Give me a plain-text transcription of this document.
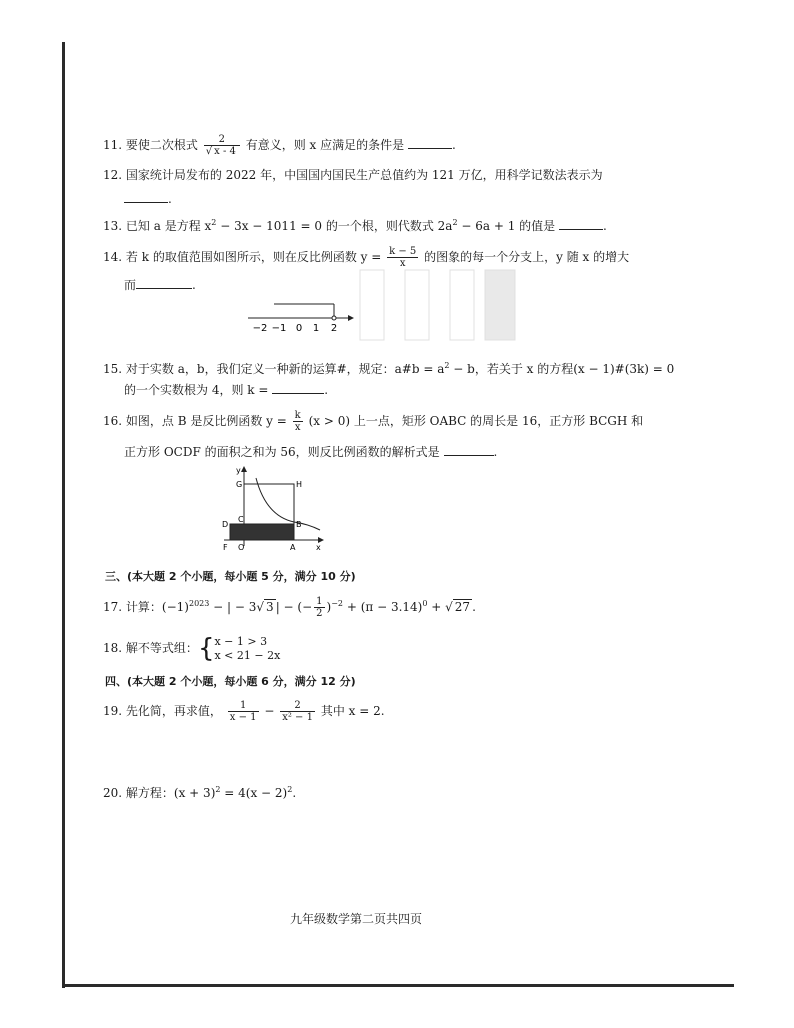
11. 要使二次根式 $\frac{2}{√ x - 4}$ 有意义，则 x 应满足的条件是	.
12. 国家统计局发布的 2022 年，中国国内国民生产总值约为 121 万亿，用科学记数法表示为
.
13. 已知 a 是方程 $x^2 - 3x - 1011 = 0$ 的一个根，则代数式 $2a^2 - 6a + 1$ 的值是	.
14. 若 k 的取值范围如图所示，则在反比例函数 $y = \frac{k - 5}{x}$ 的图象的每一个分支上，y 随 x 的增大
而	.
−2 −1 0 1 2
15. 对于实数 a，b，我们定义一种新的运算#，规定：a#b = $a^2 - b$，若关于 x 的方程(x − 1)#(3k) = 0
的一个实数根为 4，则 k =	.
16. 如图，点 B 是反比例函数 $y = \frac{k}{x} (x > 0)$ 上一点，矩形 OABC 的周长是 16，正方形 BCGH 和
正方形 OCDF 的面积之和为 56，则反比例函数的解析式是	.
y
x
G	H
D
C
B
F O	A
三、(本大题 2 个小题，每小题 5 分，满分 10 分)
17. 计算：$(-1)^{2023}$ − | − 3√ 3 | − (− $\frac{1}{2} )^{-2} + (\pi - 3.14)^0$ + √ 27 .
18. 解不等式组：{ x − 1 > 3
x < 21 − 2x
四、(本大题 2 个小题，每小题 6 分，满分 12 分)
19. 先化简，再求值， $\frac{1}{x - 1} - \frac{2}{\text{x² − 1}}$ 其中 x = 2.
20. 解方程：$(x + 3)^2 = 4(x - 2)^2$.
九年级数学第二页共四页
